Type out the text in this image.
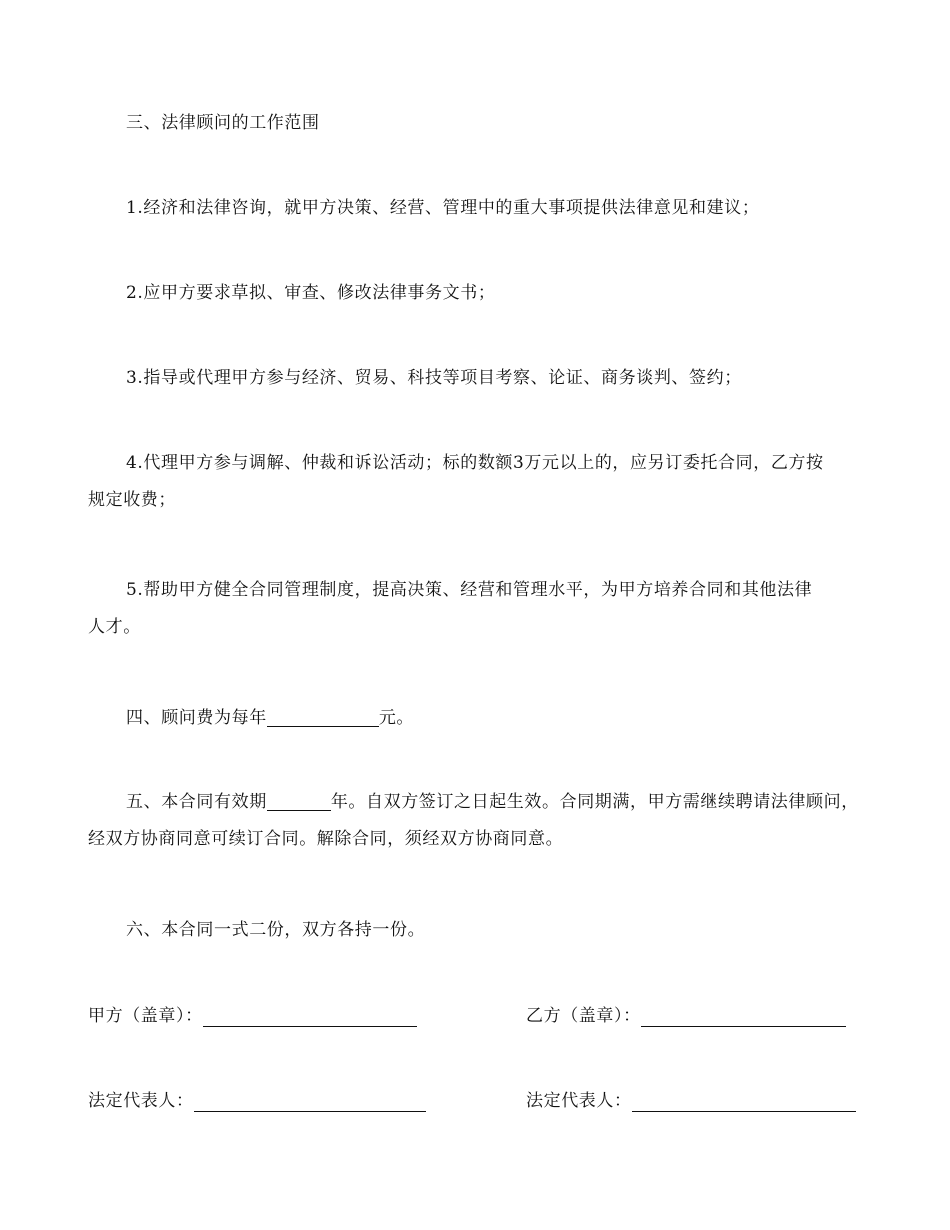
三、法律顾问的工作范围
1.经济和法律咨询，就甲方决策、经营、管理中的重大事项提供法律意见和建议；
2.应甲方要求草拟、审查、修改法律事务文书；
3.指导或代理甲方参与经济、贸易、科技等项目考察、论证、商务谈判、签约；
4.代理甲方参与调解、仲裁和诉讼活动；标的数额3万元以上的，应另订委托合同，乙方按
规定收费；
5.帮助甲方健全合同管理制度，提高决策、经营和管理水平，为甲方培养合同和其他法律
人才。
四、顾问费为每年	元。
五、本合同有效期	年。自双方签订之日起生效。合同期满，甲方需继续聘请法律顾问，
经双方协商同意可续订合同。解除合同，须经双方协商同意。
六、本合同一式二份，双方各持一份。
甲方（盖章）：	乙方（盖章）：
法定代表人：	法定代表人：
